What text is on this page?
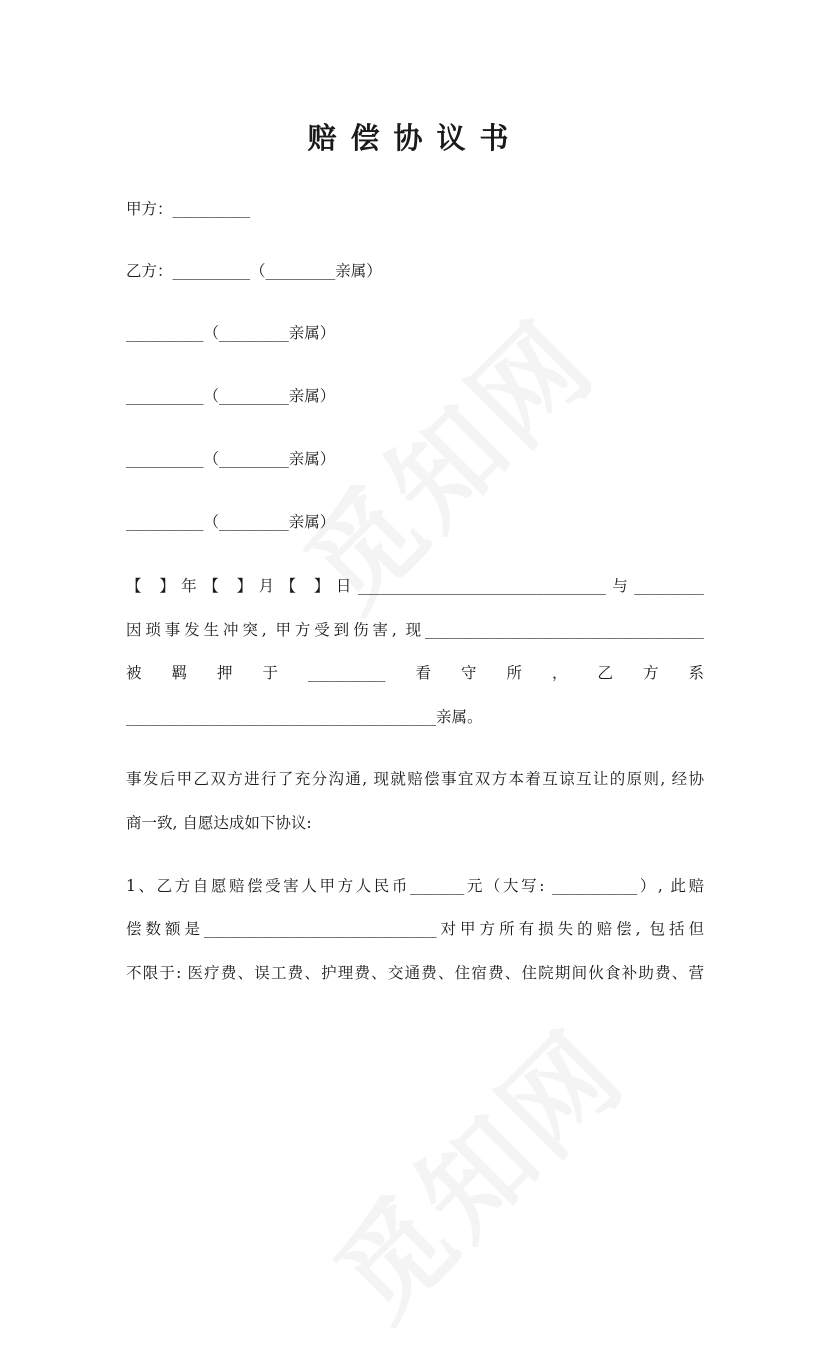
赔偿协议书
甲方：__________
乙方：__________（_________亲属）
__________（_________亲属）
__________（_________亲属）
__________（_________亲属）
__________（_________亲属）
【 】年【 】月【 】日________________________________与_________
因琐事发生冲突, 甲方受到伤害, 现____________________________________
被 羁 押 于 __________ 看 守 所 ， 乙 方 系
________________________________________亲属。
事发后甲乙双方进行了充分沟通, 现就赔偿事宜双方本着互谅互让的原则, 经协
商一致, 自愿达成如下协议:
1、乙方自愿赔偿受害人甲方人民币_______元（大写: ___________）, 此赔
偿数额是______________________________对甲方所有损失的赔偿, 包括但
不限于: 医疗费、误工费、护理费、交通费、住宿费、住院期间伙食补助费、营
